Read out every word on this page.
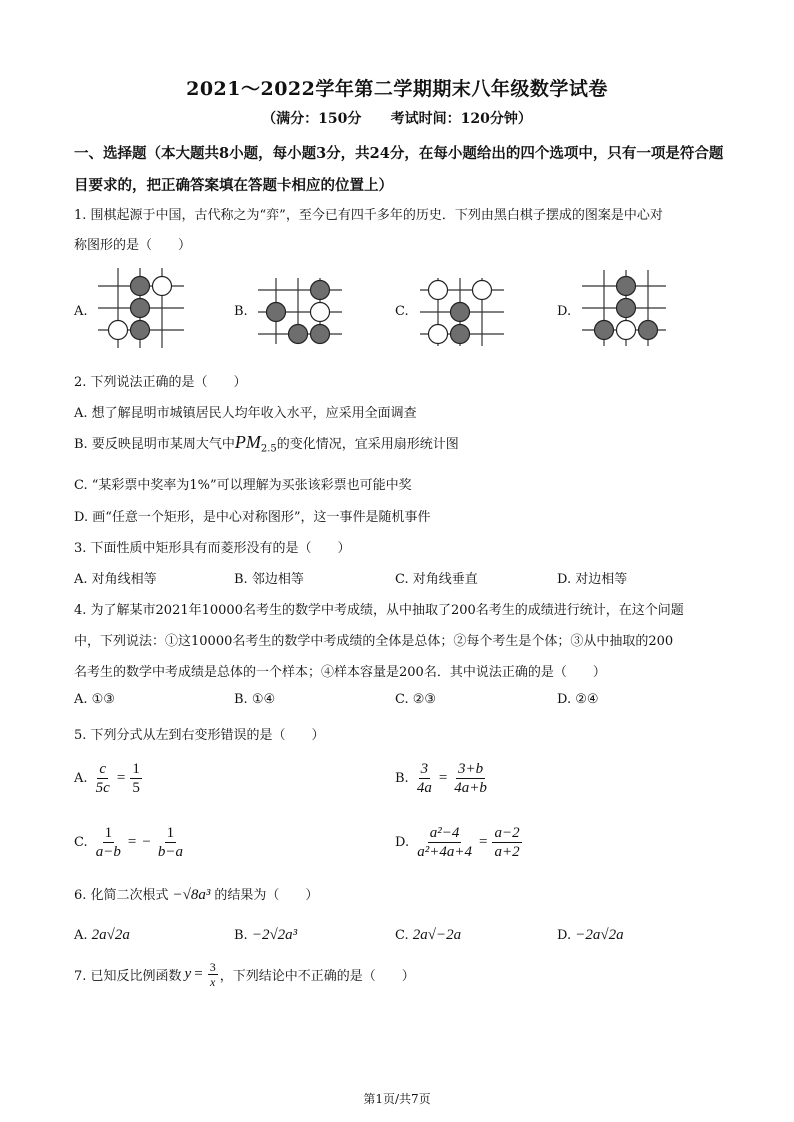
2021～2022学年第二学期期末八年级数学试卷
（满分：150分      考试时间：120分钟）
一、选择题（本大题共8小题，每小题3分，共24分，在每小题给出的四个选项中，只有一项是符合题目要求的，把正确答案填在答题卡相应的位置上）
1. 围棋起源于中国，古代称之为“弈”，至今已有四千多年的历史．下列由黑白棋子摆成的图案是中心对
称图形的是（　　）
A.	B.	C.	D.
2. 下列说法正确的是（　　）
A. 想了解昆明市城镇居民人均年收入水平，应采用全面调查
B. 要反映昆明市某周大气中$PM_{2.5}$的变化情况，宜采用扇形统计图
C. “某彩票中奖率为1%”可以理解为买张该彩票也可能中奖
D. 画“任意一个矩形，是中心对称图形”，这一事件是随机事件
3. 下面性质中矩形具有而菱形没有的是（　　）
A. 对角线相等	B. 邻边相等	C. 对角线垂直	D. 对边相等
4. 为了解某市2021年10000名考生的数学中考成绩，从中抽取了200名考生的成绩进行统计，在这个问题
中，下列说法：①这10000名考生的数学中考成绩的全体是总体；②每个考生是个体；③从中抽取的200
名考生的数学中考成绩是总体的一个样本；④样本容量是200名．其中说法正确的是（　　）
A. ①③	B. ①④	C. ②③	D. ②④
5. 下列分式从左到右变形错误的是（　　）
A. $\frac{c}{5c} = \frac{1}{5}$	B. $\frac{3}{4a} = \frac{3+b}{4a+b}$
C. $\frac{1}{a-b}$ = − $\frac{1}{b-a}$	D. $\frac{\text{a²−4}}{\text{a²+4a+4}} = \frac{a-2}{a+2}$
6. 化简二次根式 −√8a³ 的结果为（　　）
A. 2a√2a	B. −2√2a³	C. 2a√−2a	D. −2a√2a
7. 已知反比例函数 $y = \frac{3}{x}$ ，下列结论中不正确的是（　　）
第1页/共7页
